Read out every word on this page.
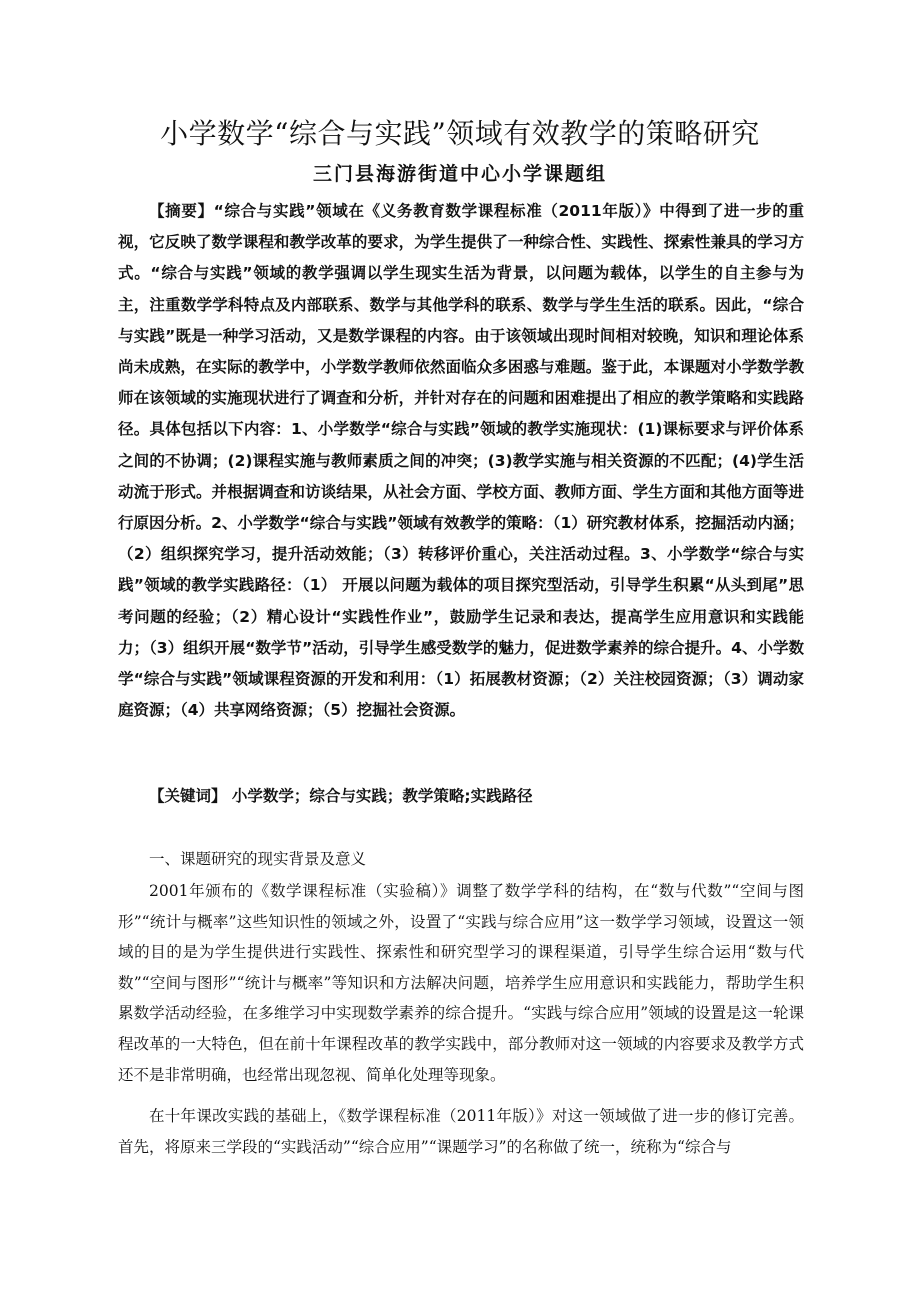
小学数学“综合与实践”领域有效教学的策略研究
三门县海游街道中心小学课题组

【摘要】“综合与实践”领域在《义务教育数学课程标准（2011年版）》中得到了进一步的重视，它反映了数学课程和教学改革的要求，为学生提供了一种综合性、实践性、探索性兼具的学习方式。“综合与实践”领域的教学强调以学生现实生活为背景，以问题为载体，以学生的自主参与为主，注重数学学科特点及内部联系、数学与其他学科的联系、数学与学生生活的联系。因此，“综合与实践”既是一种学习活动，又是数学课程的内容。由于该领域出现时间相对较晚，知识和理论体系尚未成熟，在实际的教学中，小学数学教师依然面临众多困惑与难题。鉴于此，本课题对小学数学教师在该领域的实施现状进行了调查和分析，并针对存在的问题和困难提出了相应的教学策略和实践路径。具体包括以下内容：1、小学数学“综合与实践”领域的教学实施现状：(1)课标要求与评价体系之间的不协调；(2)课程实施与教师素质之间的冲突；(3)教学实施与相关资源的不匹配；(4)学生活动流于形式。并根据调查和访谈结果，从社会方面、学校方面、教师方面、学生方面和其他方面等进行原因分析。2、小学数学“综合与实践”领域有效教学的策略：（1）研究教材体系，挖掘活动内涵；（2）组织探究学习，提升活动效能；（3）转移评价重心，关注活动过程。3、小学数学“综合与实践”领域的教学实践路径：（1） 开展以问题为载体的项目探究型活动，引导学生积累“从头到尾”思考问题的经验；（2）精心设计“实践性作业”，鼓励学生记录和表达，提高学生应用意识和实践能力；（3）组织开展“数学节”活动，引导学生感受数学的魅力，促进数学素养的综合提升。4、小学数学“综合与实践”领域课程资源的开发和利用：（1）拓展教材资源；（2）关注校园资源；（3）调动家庭资源；（4）共享网络资源；（5）挖掘社会资源。

【关键词】 小学数学；综合与实践；教学策略;实践路径

一、课题研究的现实背景及意义

2001年颁布的《数学课程标准（实验稿）》调整了数学学科的结构，在“数与代数”“空间与图形”“统计与概率”这些知识性的领域之外，设置了“实践与综合应用”这一数学学习领域，设置这一领域的目的是为学生提供进行实践性、探索性和研究型学习的课程渠道，引导学生综合运用“数与代数”“空间与图形”“统计与概率”等知识和方法解决问题，培养学生应用意识和实践能力，帮助学生积累数学活动经验，在多维学习中实现数学素养的综合提升。“实践与综合应用”领域的设置是这一轮课程改革的一大特色，但在前十年课程改革的教学实践中，部分教师对这一领域的内容要求及教学方式还不是非常明确，也经常出现忽视、简单化处理等现象。

在十年课改实践的基础上，《数学课程标准（2011年版）》对这一领域做了进一步的修订完善。首先，将原来三学段的“实践活动”“综合应用”“课题学习”的名称做了统一，统称为“综合与
